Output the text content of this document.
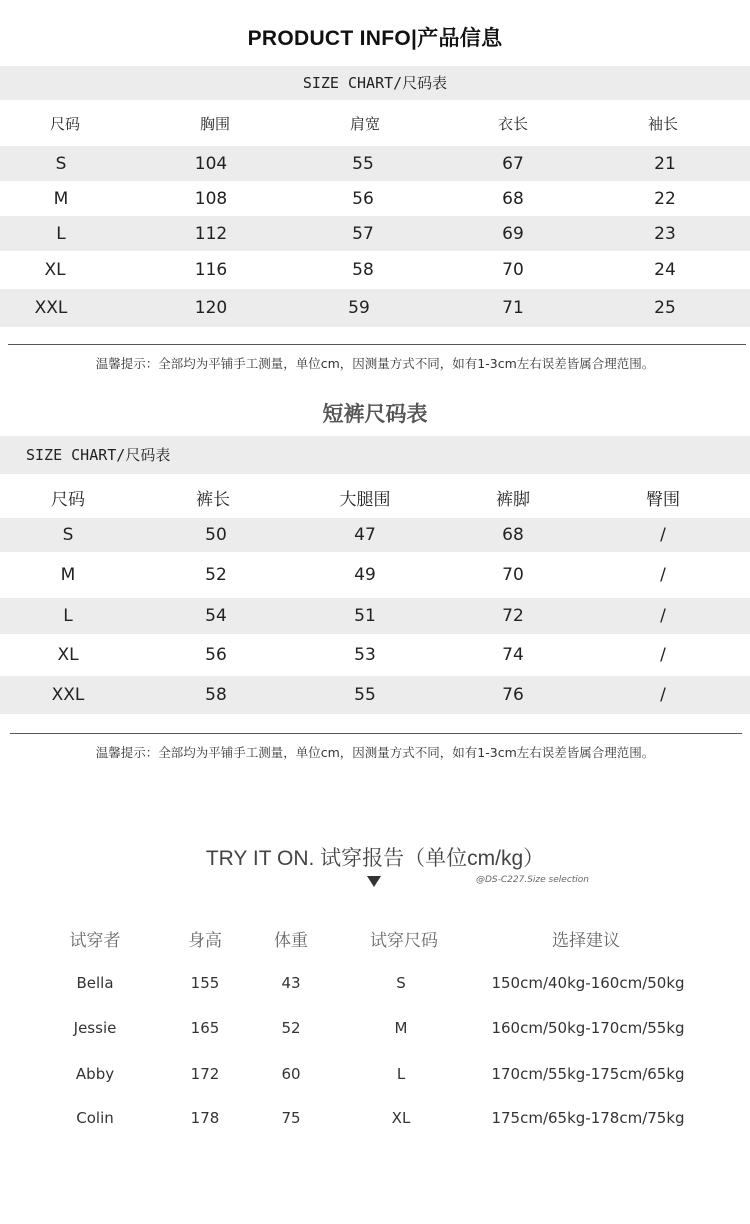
PRODUCT INFO|产品信息
SIZE CHART/尺码表
尺码	胸围	肩宽	衣长	袖长
S	104	55	67	21
M	108	56	68	22
L	112	57	69	23
XL	116	58	70	24
XXL	120	59	71	25
温馨提示：全部均为平铺手工测量，单位cm，因测量方式不同，如有1-3cm左右误差皆属合理范围。
短裤尺码表
SIZE CHART/尺码表
尺码	裤长	大腿围	裤脚	臀围
S	50	47	68	/
M	52	49	70	/
L	54	51	72	/
XL	56	53	74	/
XXL	58	55	76	/
温馨提示：全部均为平铺手工测量，单位cm，因测量方式不同，如有1-3cm左右误差皆属合理范围。
TRY IT ON. 试穿报告（单位cm/kg）
@DS-C227.Size selection
试穿者	身高	体重	试穿尺码	选择建议
Bella	155	43	S	150cm/40kg-160cm/50kg
Jessie	165	52	M	160cm/50kg-170cm/55kg
Abby	172	60	L	170cm/55kg-175cm/65kg
Colin	178	75	XL	175cm/65kg-178cm/75kg
